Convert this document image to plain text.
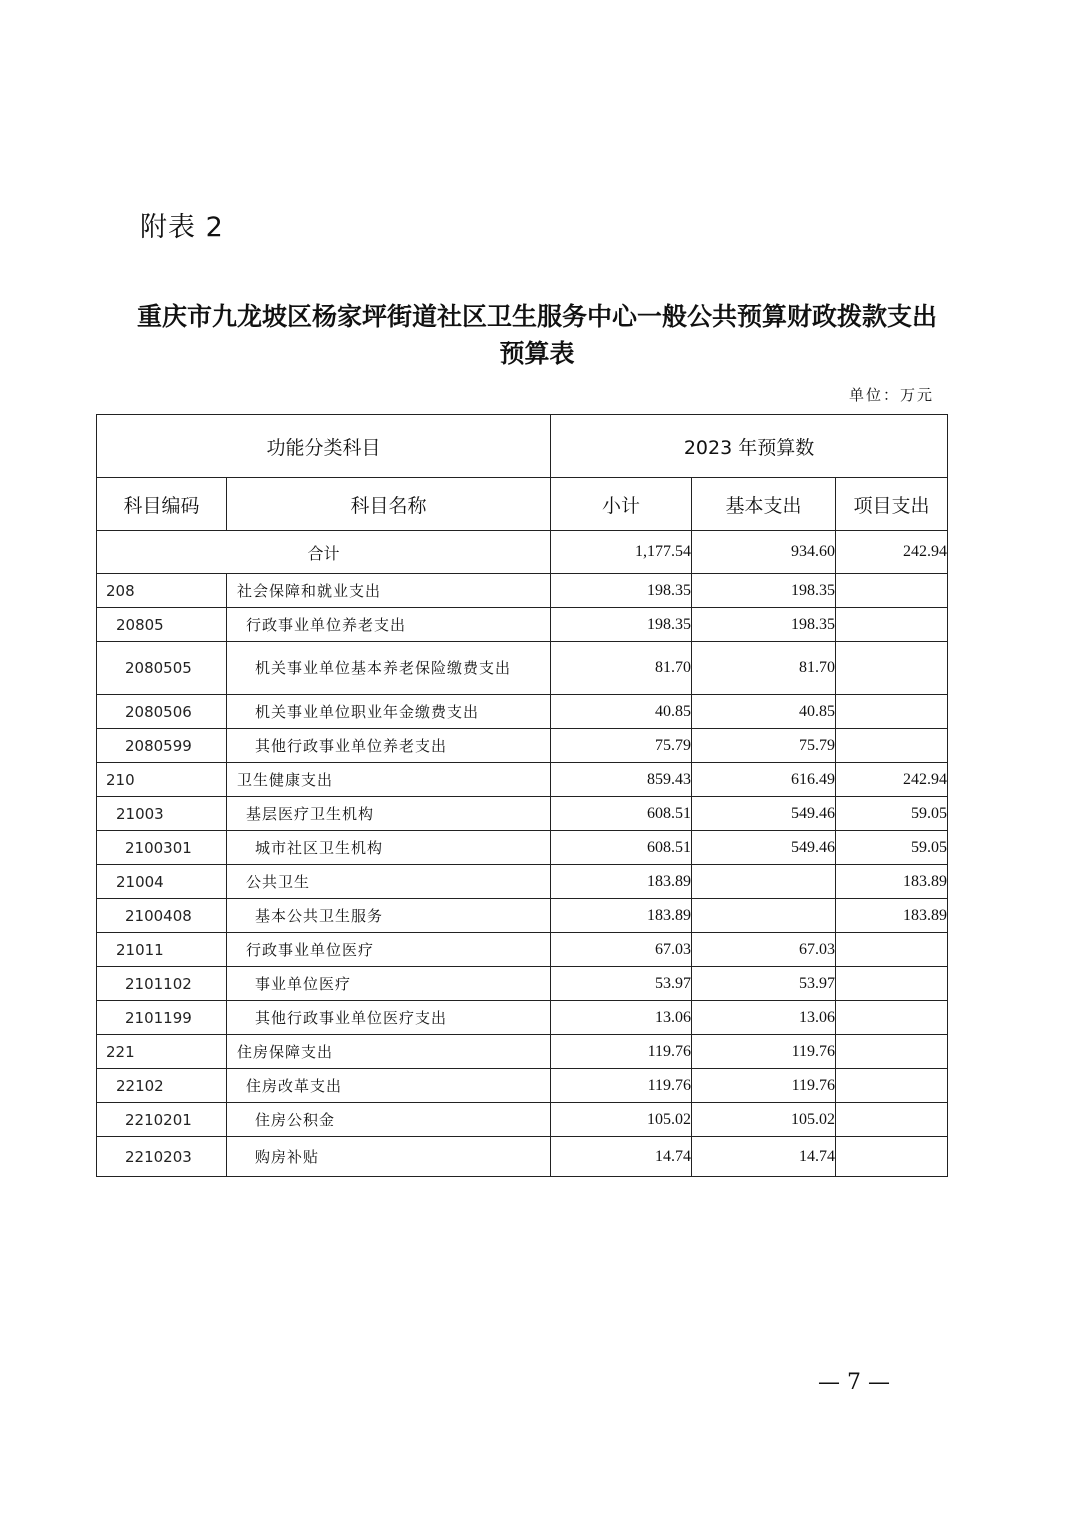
附表 2
重庆市九龙坡区杨家坪街道社区卫生服务中心一般公共预算财政拨款支出
预算表
单位：万元
功能分类科目		2023 年预算数		
科目编码	科目名称	小计	基本支出	项目支出
合计		1,177.54	934.60	242.94
208	社会保障和就业支出	198.35	198.35	
20805	行政事业单位养老支出	198.35	198.35	
2080505	机关事业单位基本养老保险缴费支出	81.70	81.70	
2080506	机关事业单位职业年金缴费支出	40.85	40.85	
2080599	其他行政事业单位养老支出	75.79	75.79	
210	卫生健康支出	859.43	616.49	242.94
21003	基层医疗卫生机构	608.51	549.46	59.05
2100301	城市社区卫生机构	608.51	549.46	59.05
21004	公共卫生	183.89		183.89
2100408	基本公共卫生服务	183.89		183.89
21011	行政事业单位医疗	67.03	67.03	
2101102	事业单位医疗	53.97	53.97	
2101199	其他行政事业单位医疗支出	13.06	13.06	
221	住房保障支出	119.76	119.76	
22102	住房改革支出	119.76	119.76	
2210201	住房公积金	105.02	105.02	
2210203	购房补贴	14.74	14.74	
— 7 —
